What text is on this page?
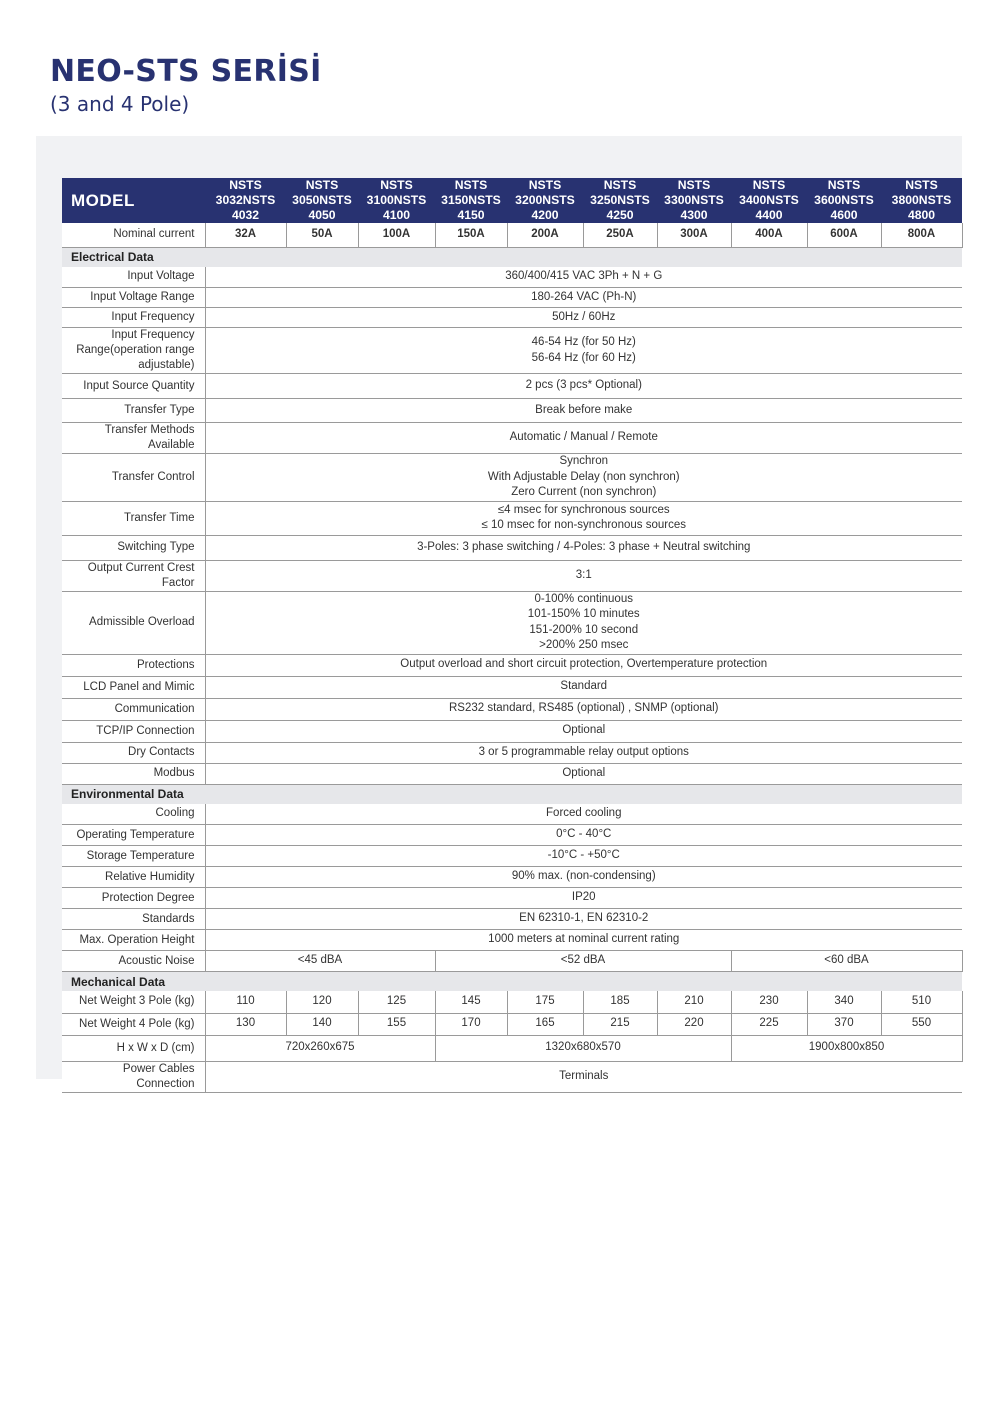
NEO-STS SERİSİ
(3 and 4 Pole)
MODEL	NSTS 3032NSTS 4032	NSTS 3050NSTS 4050	NSTS 3100NSTS 4100	NSTS 3150NSTS 4150	NSTS 3200NSTS 4200	NSTS 3250NSTS 4250	NSTS 3300NSTS 4300	NSTS 3400NSTS 4400	NSTS 3600NSTS 4600	NSTS 3800NSTS 4800
Nominal current	32A	50A	100A	150A	200A	250A	300A	400A	600A	800A
Electrical Data										
Input Voltage	360/400/415 VAC 3Ph + N + G									

Input Voltage Range	180-264 VAC (Ph-N)									

Input Frequency	50Hz / 60Hz									

Input Frequency Range(operation range adjustable)	46-54 Hz (for 50 Hz)
56-64 Hz (for 60 Hz)									

Input Source Quantity	2 pcs (3 pcs* Optional)									

Transfer Type	Break before make									

Transfer Methods Available	Automatic / Manual / Remote									

Transfer Control	Synchron
With Adjustable Delay (non synchron)
Zero Current (non synchron)									

Transfer Time	≤4 msec for synchronous sources
≤ 10 msec for non-synchronous sources									

Switching Type	3-Poles: 3 phase switching / 4-Poles: 3 phase + Neutral switching									

Output Current Crest Factor	3:1									

Admissible Overload	0-100% continuous
101-150% 10 minutes
151-200% 10 second
>200% 250 msec									

Protections	Output overload and short circuit protection, Overtemperature protection									

LCD Panel and Mimic	Standard									

Communication	RS232 standard, RS485 (optional) , SNMP (optional)									

TCP/IP Connection	Optional									

Dry Contacts	3 or 5 programmable relay output options									

Modbus	Optional									

Environmental Data										
Cooling	Forced cooling									

Operating Temperature	0°C - 40°C									

Storage Temperature	-10°C - +50°C									

Relative Humidity	90% max. (non-condensing)									

Protection Degree	IP20									

Standards	EN 62310-1, EN 62310-2									

Max. Operation Height	1000 meters at nominal current rating									

Acoustic Noise	<45 dBA			<52 dBA				<60 dBA		
Mechanical Data										
Net Weight 3 Pole (kg)	110	120	125	145	175	185	210	230	340	510
Net Weight 4 Pole (kg)	130	140	155	170	165	215	220	225	370	550
H x W x D (cm)	720x260x675			1320x680x570				1900x800x850		
Power Cables Connection	Terminals									
